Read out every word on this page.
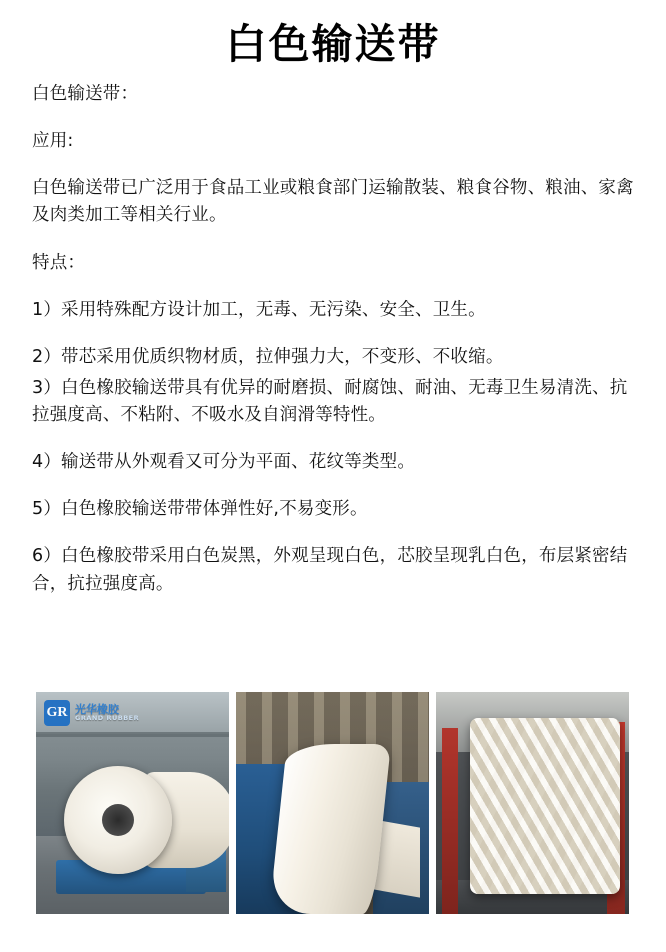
白色输送带

白色输送带：

应用:

白色输送带已广泛用于食品工业或粮食部门运输散装、粮食谷物、粮油、家禽及肉类加工等相关行业。

特点：

1）采用特殊配方设计加工，无毒、无污染、安全、卫生。

2）带芯采用优质织物材质，拉伸强力大，不变形、不收缩。

3）白色橡胶输送带具有优异的耐磨损、耐腐蚀、耐油、无毒卫生易清洗、抗拉强度高、不粘附、不吸水及自润滑等特性。

4）输送带从外观看又可分为平面、花纹等类型。

5）白色橡胶输送带带体弹性好,不易变形。

6）白色橡胶带采用白色炭黑，外观呈现白色，芯胶呈现乳白色，布层紧密结合，抗拉强度高。

GR 光华橡胶
GRAND RUBBER
